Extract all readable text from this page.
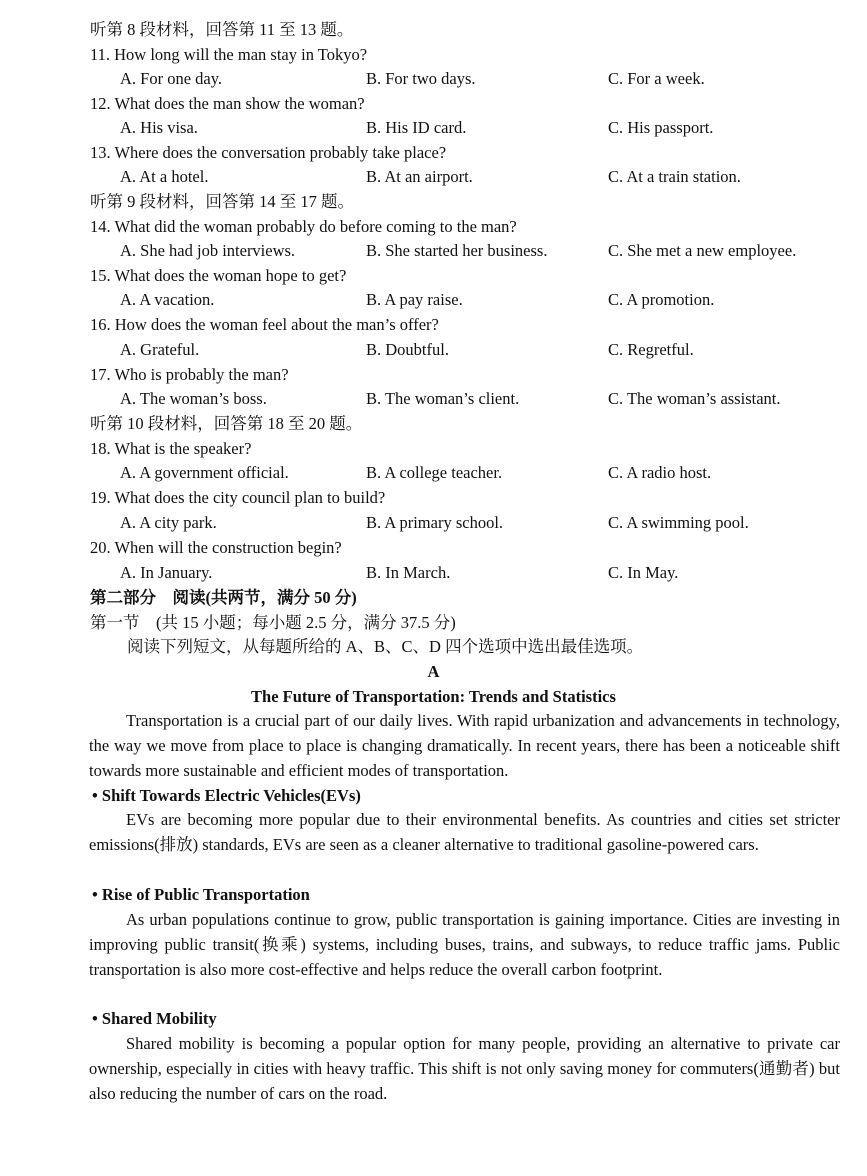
听第 8 段材料，回答第 11 至 13 题。
11. How long will the man stay in Tokyo?
A. For one day.	B. For two days.	C. For a week.
12. What does the man show the woman?
A. His visa.	B. His ID card.	C. His passport.
13. Where does the conversation probably take place?
A. At a hotel.	B. At an airport.	C. At a train station.
听第 9 段材料，回答第 14 至 17 题。
14. What did the woman probably do before coming to the man?
A. She had job interviews.	B. She started her business.	C. She met a new employee.
15. What does the woman hope to get?
A. A vacation.	B. A pay raise.	C. A promotion.
16. How does the woman feel about the man’s offer?
A. Grateful.	B. Doubtful.	C. Regretful.
17. Who is probably the man?
A. The woman’s boss.	B. The woman’s client.	C. The woman’s assistant.
听第 10 段材料，回答第 18 至 20 题。
18. What is the speaker?
A. A government official.	B. A college teacher.	C. A radio host.
19. What does the city council plan to build?
A. A city park.	B. A primary school.	C. A swimming pool.
20. When will the construction begin?
A. In January.	B. In March.	C. In May.
第二部分　阅读(共两节，满分 50 分)
第一节　(共 15 小题；每小题 2.5 分，满分 37.5 分)
阅读下列短文，从每题所给的 A、B、C、D 四个选项中选出最佳选项。
A
The Future of Transportation: Trends and Statistics

Transportation is a crucial part of our daily lives. With rapid urbanization and advancements in technology, the way we move from place to place is changing dramatically. In recent years, there has been a noticeable shift towards more sustainable and efficient modes of transportation.

• Shift Towards Electric Vehicles(EVs)

EVs are becoming more popular due to their environmental benefits. As countries and cities set stricter emissions(排放) standards, EVs are seen as a cleaner alternative to traditional gasoline-powered cars.

• Rise of Public Transportation

As urban populations continue to grow, public transportation is gaining importance. Cities are investing in improving public transit(换乘) systems, including buses, trains, and subways, to reduce traffic jams. Public transportation is also more cost-effective and helps reduce the overall carbon footprint.

• Shared Mobility

Shared mobility is becoming a popular option for many people, providing an alternative to private car ownership, especially in cities with heavy traffic. This shift is not only saving money for commuters(通勤者) but also reducing the number of cars on the road.
